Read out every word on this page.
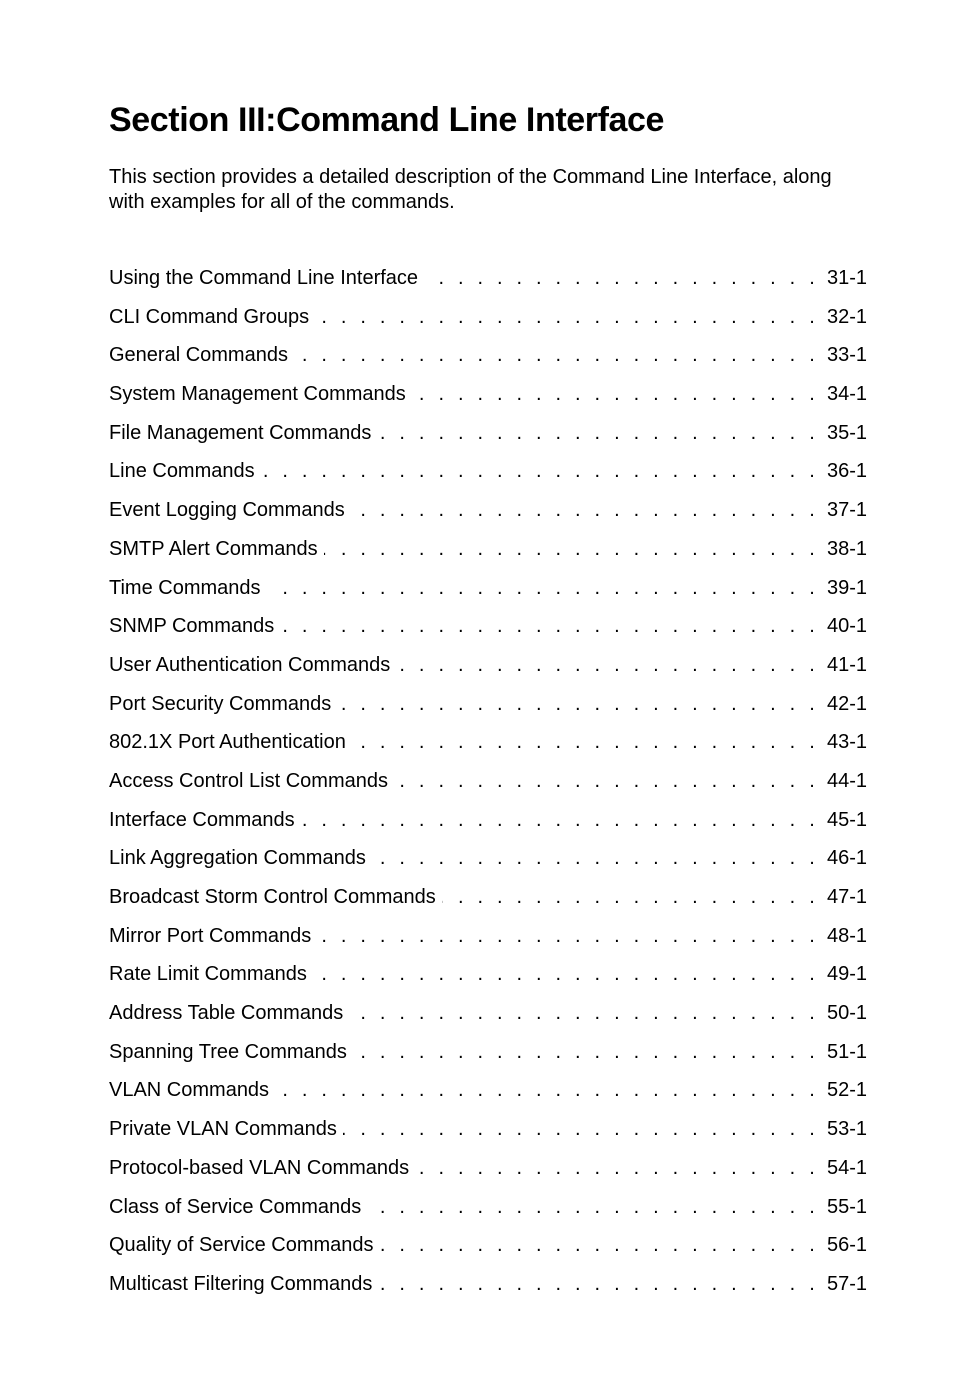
Section III:Command Line Interface

This section provides a detailed description of the Command Line Interface, along with examples for all of the commands.

Using the Command Line Interface . . .	31-1
CLI Command Groups . . .	32-1
General Commands . . .	33-1
System Management Commands . . .	34-1
File Management Commands . . .	35-1
Line Commands . . .	36-1
Event Logging Commands . . .	37-1
SMTP Alert Commands . . .	38-1
Time Commands . . .	39-1
SNMP Commands . . .	40-1
User Authentication Commands . . .	41-1
Port Security Commands . . .	42-1
802.1X Port Authentication . . .	43-1
Access Control List Commands . . .	44-1
Interface Commands . . .	45-1
Link Aggregation Commands . . .	46-1
Broadcast Storm Control Commands . . .	47-1
Mirror Port Commands . . .	48-1
Rate Limit Commands . . .	49-1
Address Table Commands . . .	50-1
Spanning Tree Commands . . .	51-1
VLAN Commands . . .	52-1
Private VLAN Commands . . .	53-1
Protocol-based VLAN Commands . . .	54-1
Class of Service Commands . . .	55-1
Quality of Service Commands . . .	56-1
Multicast Filtering Commands . . .	57-1
